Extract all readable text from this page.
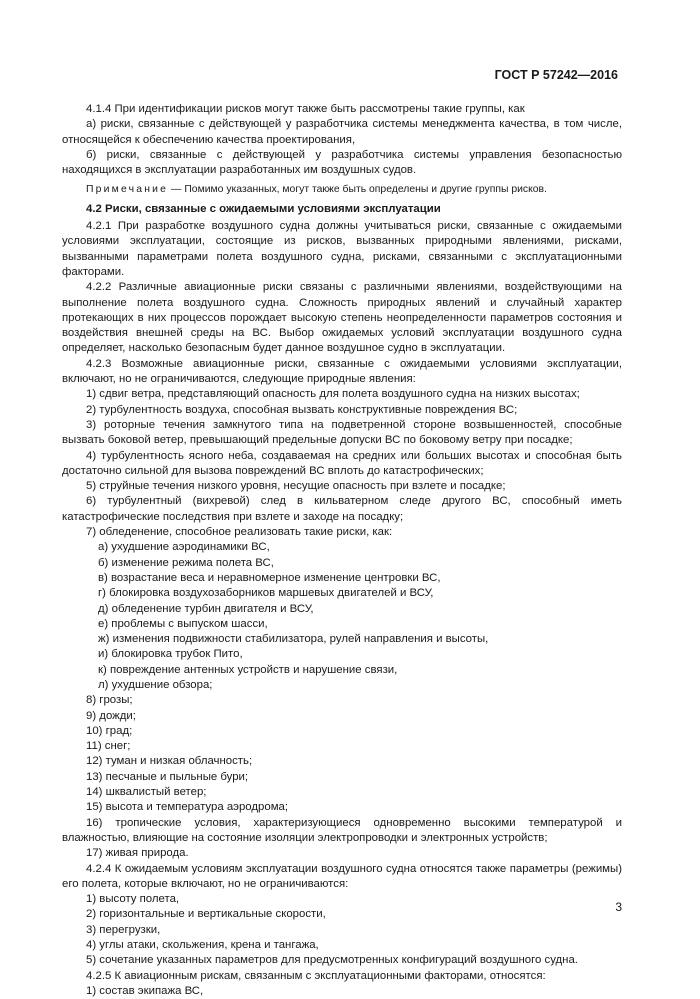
ГОСТ Р 57242—2016

4.1.4 При идентификации рисков могут также быть рассмотрены такие группы, как

а) риски, связанные с действующей у разработчика системы менеджмента качества, в том числе, относящейся к обеспечению качества проектирования,

б) риски, связанные с действующей у разработчика системы управления безопасностью находящихся в эксплуатации разработанных им воздушных судов.

Примечание — Помимо указанных, могут также быть определены и другие группы рисков.

4.2 Риски, связанные с ожидаемыми условиями эксплуатации

4.2.1 При разработке воздушного судна должны учитываться риски, связанные с ожидаемыми условиями эксплуатации, состоящие из рисков, вызванных природными явлениями, рисками, вызванными параметрами полета воздушного судна, рисками, связанными с эксплуатационными факторами.

4.2.2 Различные авиационные риски связаны с различными явлениями, воздействующими на выполнение полета воздушного судна. Сложность природных явлений и случайный характер протекающих в них процессов порождает высокую степень неопределенности параметров состояния и воздействия внешней среды на ВС. Выбор ожидаемых условий эксплуатации воздушного судна определяет, насколько безопасным будет данное воздушное судно в эксплуатации.

4.2.3 Возможные авиационные риски, связанные с ожидаемыми условиями эксплуатации, включают, но не ограничиваются, следующие природные явления:

1) сдвиг ветра, представляющий опасность для полета воздушного судна на низких высотах;

2) турбулентность воздуха, способная вызвать конструктивные повреждения ВС;

3) роторные течения замкнутого типа на подветренной стороне возвышенностей, способные вызвать боковой ветер, превышающий предельные допуски ВС по боковому ветру при посадке;

4) турбулентность ясного неба, создаваемая на средних или больших высотах и способная быть достаточно сильной для вызова повреждений ВС вплоть до катастрофических;

5) струйные течения низкого уровня, несущие опасность при взлете и посадке;

6) турбулентный (вихревой) след в кильватерном следе другого ВС, способный иметь катастрофические последствия при взлете и заходе на посадку;

7) обледенение, способное реализовать такие риски, как:

а) ухудшение аэродинамики ВС,

б) изменение режима полета ВС,

в) возрастание веса и неравномерное изменение центровки ВС,

г) блокировка воздухозаборников маршевых двигателей и ВСУ,

д) обледенение турбин двигателя и ВСУ,

е) проблемы с выпуском шасси,

ж) изменения подвижности стабилизатора, рулей направления и высоты,

и) блокировка трубок Пито,

к) повреждение антенных устройств и нарушение связи,

л) ухудшение обзора;

8) грозы;

9) дожди;

10) град;

11) снег;

12) туман и низкая облачность;

13) песчаные и пыльные бури;

14) шквалистый ветер;

15) высота и температура аэродрома;

16) тропические условия, характеризующиеся одновременно высокими температурой и влажностью, влияющие на состояние изоляции электропроводки и электронных устройств;

17) живая природа.

4.2.4 К ожидаемым условиям эксплуатации воздушного судна относятся также параметры (режимы) его полета, которые включают, но не ограничиваются:

1) высоту полета,

2) горизонтальные и вертикальные скорости,

3) перегрузки,

4) углы атаки, скольжения, крена и тангажа,

5) сочетание указанных параметров для предусмотренных конфигураций воздушного судна.

4.2.5 К авиационным рискам, связанным с эксплуатационными факторами, относятся:

1) состав экипажа ВС,

3
